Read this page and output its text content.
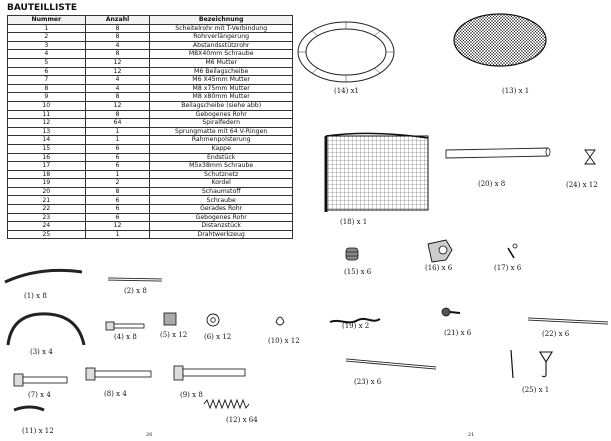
BAUTEILLISTE
Nummer	Anzahl	Bezeichnung
1	8	Scheitelrohr mit T-Verbindung
2	8	Rohrverlängerung
3	4	Abstandsstützrohr
4	8	M8X40mm Schraube
5	12	M6 Mutter
6	12	M6 Beilagscheibe
7	4	M6 X45mm Mutter
8	4	M8 x75mm Mutter
9	8	M8 x80mm Mutter
10	12	Beilagscheibe (siehe abb)
11	8	Gebogenes Rohr
12	64	Spiralfedern
13	1	Sprungmatte mit 64 V-Ringen
14	1	Rahmenpolsterung
15	6	Kappe
16	6	Endstück
17	6	M5x38mm Schraube
18	1	Schutznetz
19	2	Kordel
20	8	Schaumstoff
21	6	Schraube
22	6	Gerades Rohr
23	6	Gebogenes Rohr
24	12	Distanzstück
25	1	Drahtwerkzeug
(14) x1	(13) x 1
(18) x 1
(20) x 8	(24) x 12
(15) x 6	(16) x 6	(17) x 6
(19) x 2
(21) x 6	(22) x 6
(23) x 6
(25) x 1
(1) x 8
(2) x 8
(3) x 4
(4) x 8	(5) x 12 (6) x 12	(10) x 12
(7) x 4	(8) x 4	(9) x 8
(11) x 12
(12) x 64
20	21
